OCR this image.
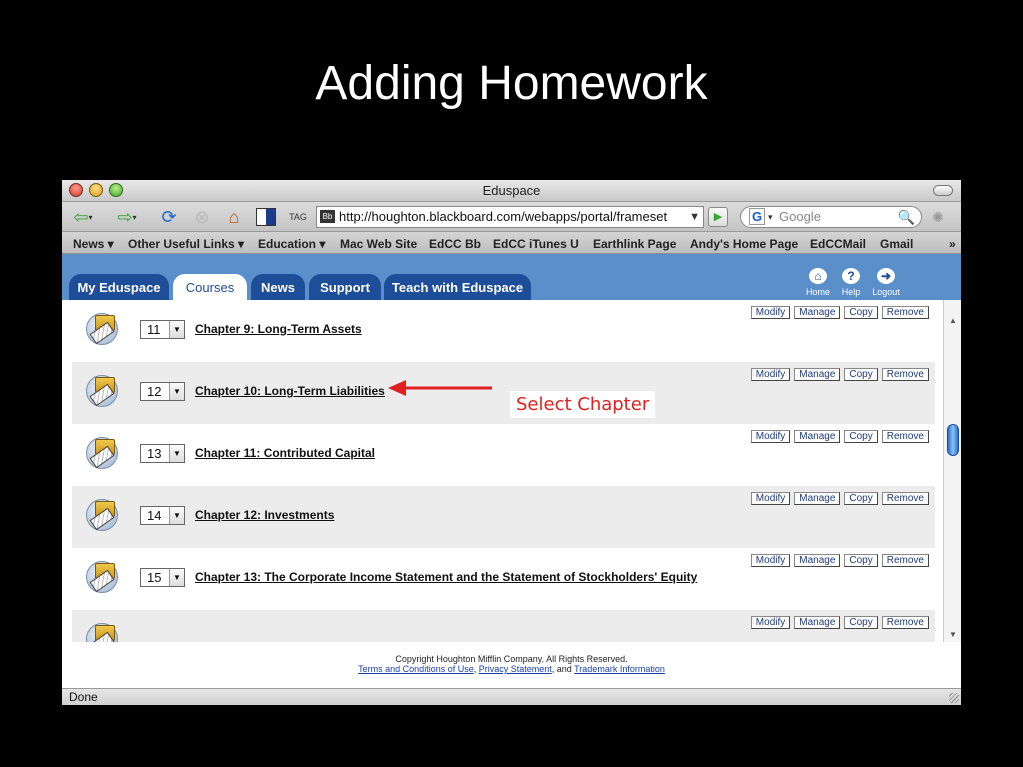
Adding Homework
Eduspace
⇦ ▾	⇨ ▾ ⟳ ⊗	⌂	TAG	Bb http://houghton.blackboard.com/webapps/portal/frameset ▼	▶	G ▾ Google	🔍 ✺
News ▾ Other Useful Links ▾ Education ▾ Mac Web Site EdCC Bb EdCC iTunes U Earthlink Page Andy's Home Page EdCCMail Gmail	»
My Eduspace	Courses	News	Support	Teach with Eduspace
⌂
Home
?
Help
➜
Logout
11	▼ Chapter 9: Long-Term Assets
Modify	Manage	Copy	Remove
12	▼ Chapter 10: Long-Term Liabilities
Modify	Manage	Copy	Remove
13	▼ Chapter 11: Contributed Capital
Modify	Manage	Copy	Remove
14	▼ Chapter 12: Investments
Modify	Manage	Copy	Remove
15	▼ Chapter 13: The Corporate Income Statement and the Statement of Stockholders' Equity
Modify	Manage	Copy	Remove
Modify	Manage	Copy	Remove
Select Chapter
▲
▼
Copyright Houghton Mifflin Company. All Rights Reserved.
Terms and Conditions of Use, Privacy Statement, and Trademark Information
Done
